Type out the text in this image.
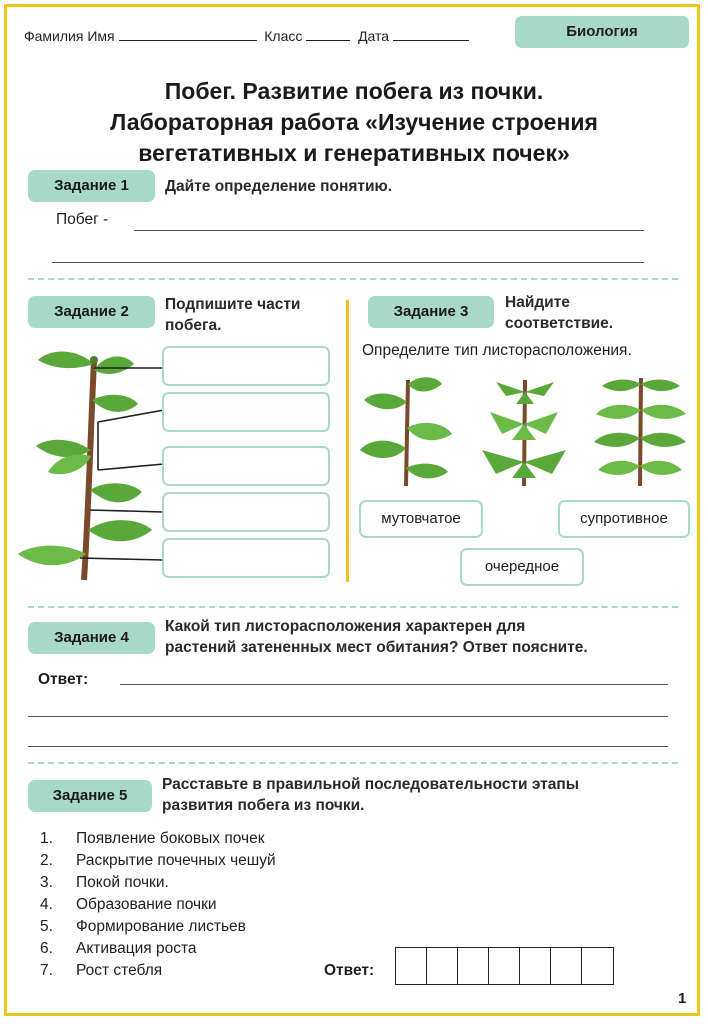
Фамилия Имя	Класс	Дата	Биология
Побег. Развитие побега из почки.
Лабораторная работа «Изучение строения
вегетативных и генеративных почек»
Задание 1	Дайте определение понятию.
Побег -
Задание 2	Подпишите части
побега.
Задание 3
Найдите
соответствие.
Определите тип листорасположения.
мутовчатое	супротивное
очередное
Задание 4
Какой тип листорасположения характерен для
растений затененных мест обитания? Ответ поясните.
Ответ:
Задание 5
Расставьте в правильной последовательности этапы
развития побега из почки.
1.	Появление боковых почек
2.	Раскрытие почечных чешуй
3.	Покой почки.
4.	Образование почки
5.	Формирование листьев
6.	Активация роста
7.	Рост стебля	Ответ:
1
